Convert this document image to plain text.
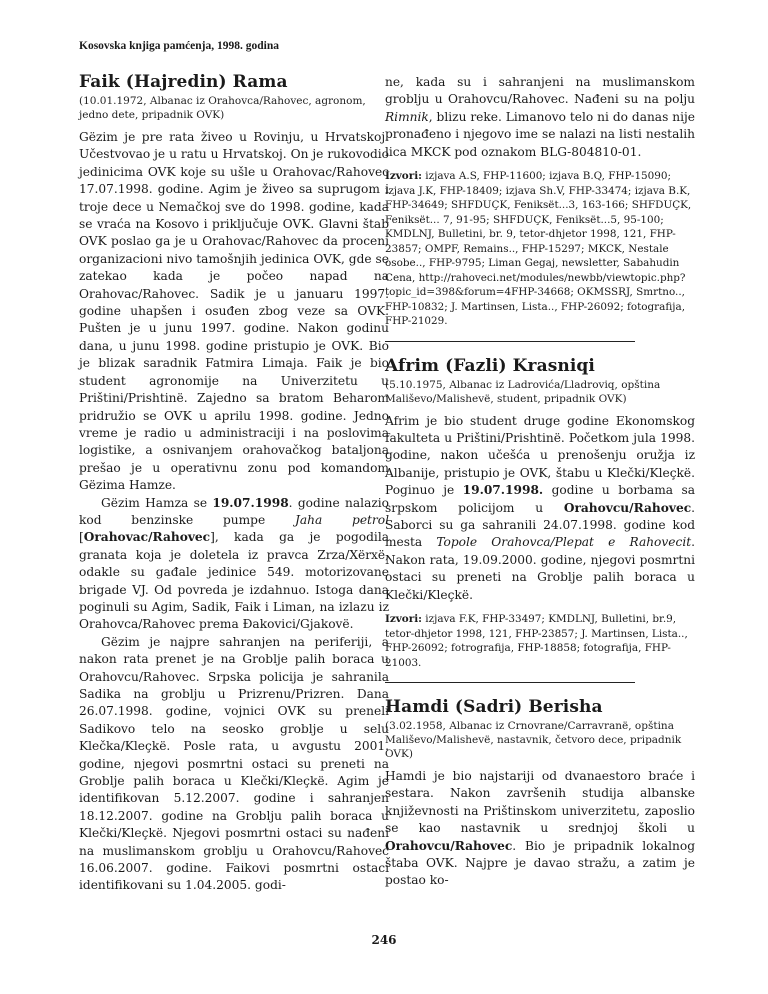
Kosovska knjiga pamćenja, 1998. godina
Faik (Hajredin) Rama
(10.01.1972, Albanac iz Orahovca/Rahovec, agronom, jedno dete, pripadnik OVK)

Gëzim je pre rata živeo u Rovinju, u Hrvatskoj. Učestvovao je u ratu u Hrvatskoj. On je rukovodio jedinicima OVK koje su ušle u Orahovac/Rahovec 17.07.1998. godine. Agim je živeo sa suprugom i troje dece u Nemačkoj sve do 1998. godine, kada se vraća na Kosovo i priključuje OVK. Glavni štab OVK poslao ga je u Orahovac/Rahovec da proceni organizacioni nivo tamošnjih jedinica OVK, gde se zatekao kada je počeo napad na Orahovac/Rahovec. Sadik je u januaru 1997. godine uhapšen i osuđen zbog veze sa OVK. Pušten je u junu 1997. godine. Nakon godinu dana, u junu 1998. godine pristupio je OVK. Bio je blizak saradnik Fatmira Limaja. Faik je bio student agronomije na Univerzitetu u Prištini/Prishtinë. Zajedno sa bratom Beharom pridružio se OVK u aprilu 1998. godine. Jedno vreme je radio u administraciji i na poslovima logistike, a osnivanjem orahovačkog bataljona prešao je u operativnu zonu pod komandom Gëzima Hamze.

Gëzim Hamza se 19.07.1998. godine nalazio kod benzinske pumpe Jaha petrol [Orahovac/Rahovec], kada ga je pogodila granata koja je doletela iz pravca Zrza/Xërxë, odakle su gađale jedinice 549. motorizovane brigade VJ. Od povreda je izdahnuo. Istoga dana poginuli su Agim, Sadik, Faik i Liman, na izlazu iz Orahovca/Rahovec prema Đakovici/Gjakovë.

Gëzim je najpre sahranjen na periferiji, a nakon rata prenet je na Groblje palih boraca u Orahovcu/Rahovec. Srpska policija je sahranila Sadika na groblju u Prizrenu/Prizren. Dana 26.07.1998. godine, vojnici OVK su preneli Sadikovo telo na seosko groblje u selu Klečka/Kleçkë. Posle rata, u avgustu 2001. godine, njegovi posmrtni ostaci su preneti na Groblje palih boraca u Klečki/Kleçkë. Agim je identifikovan 5.12.2007. godine i sahranjen 18.12.2007. godine na Groblju palih boraca u Klečki/Kleçkë. Njegovi posmrtni ostaci su nađeni na muslimanskom groblju u Orahovcu/Rahovec 16.06.2007. godine. Faikovi posmrtni ostaci identifikovani su 1.04.2005. godi-

ne, kada su i sahranjeni na muslimanskom groblju u Orahovcu/Rahovec. Nađeni su na polju Rimnik, blizu reke. Limanovo telo ni do danas nije pronađeno i njegovo ime se nalazi na listi nestalih lica MKCK pod oznakom BLG-804810-01.

Izvori: izjava A.S, FHP-11600; izjava B.Q, FHP-15090; izjava J.K, FHP-18409; izjava Sh.V, FHP-33474; izjava B.K, FHP-34649; SHFDUÇK, Feniksët...3, 163-166; SHFDUÇK, Feniksët... 7, 91-95; SHFDUÇK, Feniksët...5, 95-100; KMDLNJ, Bulletini, br. 9, tetor-dhjetor 1998, 121, FHP-23857; OMPF, Remains.., FHP-15297; MKCK, Nestale osobe.., FHP-9795; Liman Gegaj, newsletter, Sabahudin Cena, http://rahoveci.net/modules/newbb/viewtopic.php?topic_id=398&forum=4FHP-34668; OKMSSRJ, Smrtno.., FHP-10832; J. Martinsen, Lista.., FHP-26092; fotografija, FHP-21029.

Afrim (Fazli) Krasniqi
(5.10.1975, Albanac iz Ladrovića/Lladroviq, opština Mališevo/Malishevë, student, pripadnik OVK)

Afrim je bio student druge godine Ekonomskog fakulteta u Prištini/Prishtinë. Početkom jula 1998. godine, nakon učešća u prenošenju oružja iz Albanije, pristupio je OVK, štabu u Klečki/Kleçkë. Poginuo je 19.07.1998. godine u borbama sa srpskom policijom u Orahovcu/Rahovec. Saborci su ga sahranili 24.07.1998. godine kod mesta Topole Orahovca/Plepat e Rahovecit. Nakon rata, 19.09.2000. godine, njegovi posmrtni ostaci su preneti na Groblje palih boraca u Klečki/Kleçkë.

Izvori: izjava F.K, FHP-33497; KMDLNJ, Bulletini, br.9, tetor-dhjetor 1998, 121, FHP-23857; J. Martinsen, Lista.., FHP-26092; fotrografija, FHP-18858; fotografija, FHP-21003.

Hamdi (Sadri) Berisha
(3.02.1958, Albanac iz Crnovrane/Carravranë, opština Mališevo/Malishevë, nastavnik, četvoro dece, pripadnik OVK)

Hamdi je bio najstariji od dvanaestoro braće i sestara. Nakon završenih studija albanske književnosti na Prištinskom univerzitetu, zaposlio se kao nastavnik u srednjoj školi u Orahovcu/Rahovec. Bio je pripadnik lokalnog štaba OVK. Najpre je davao stražu, a zatim je postao ko-

246
